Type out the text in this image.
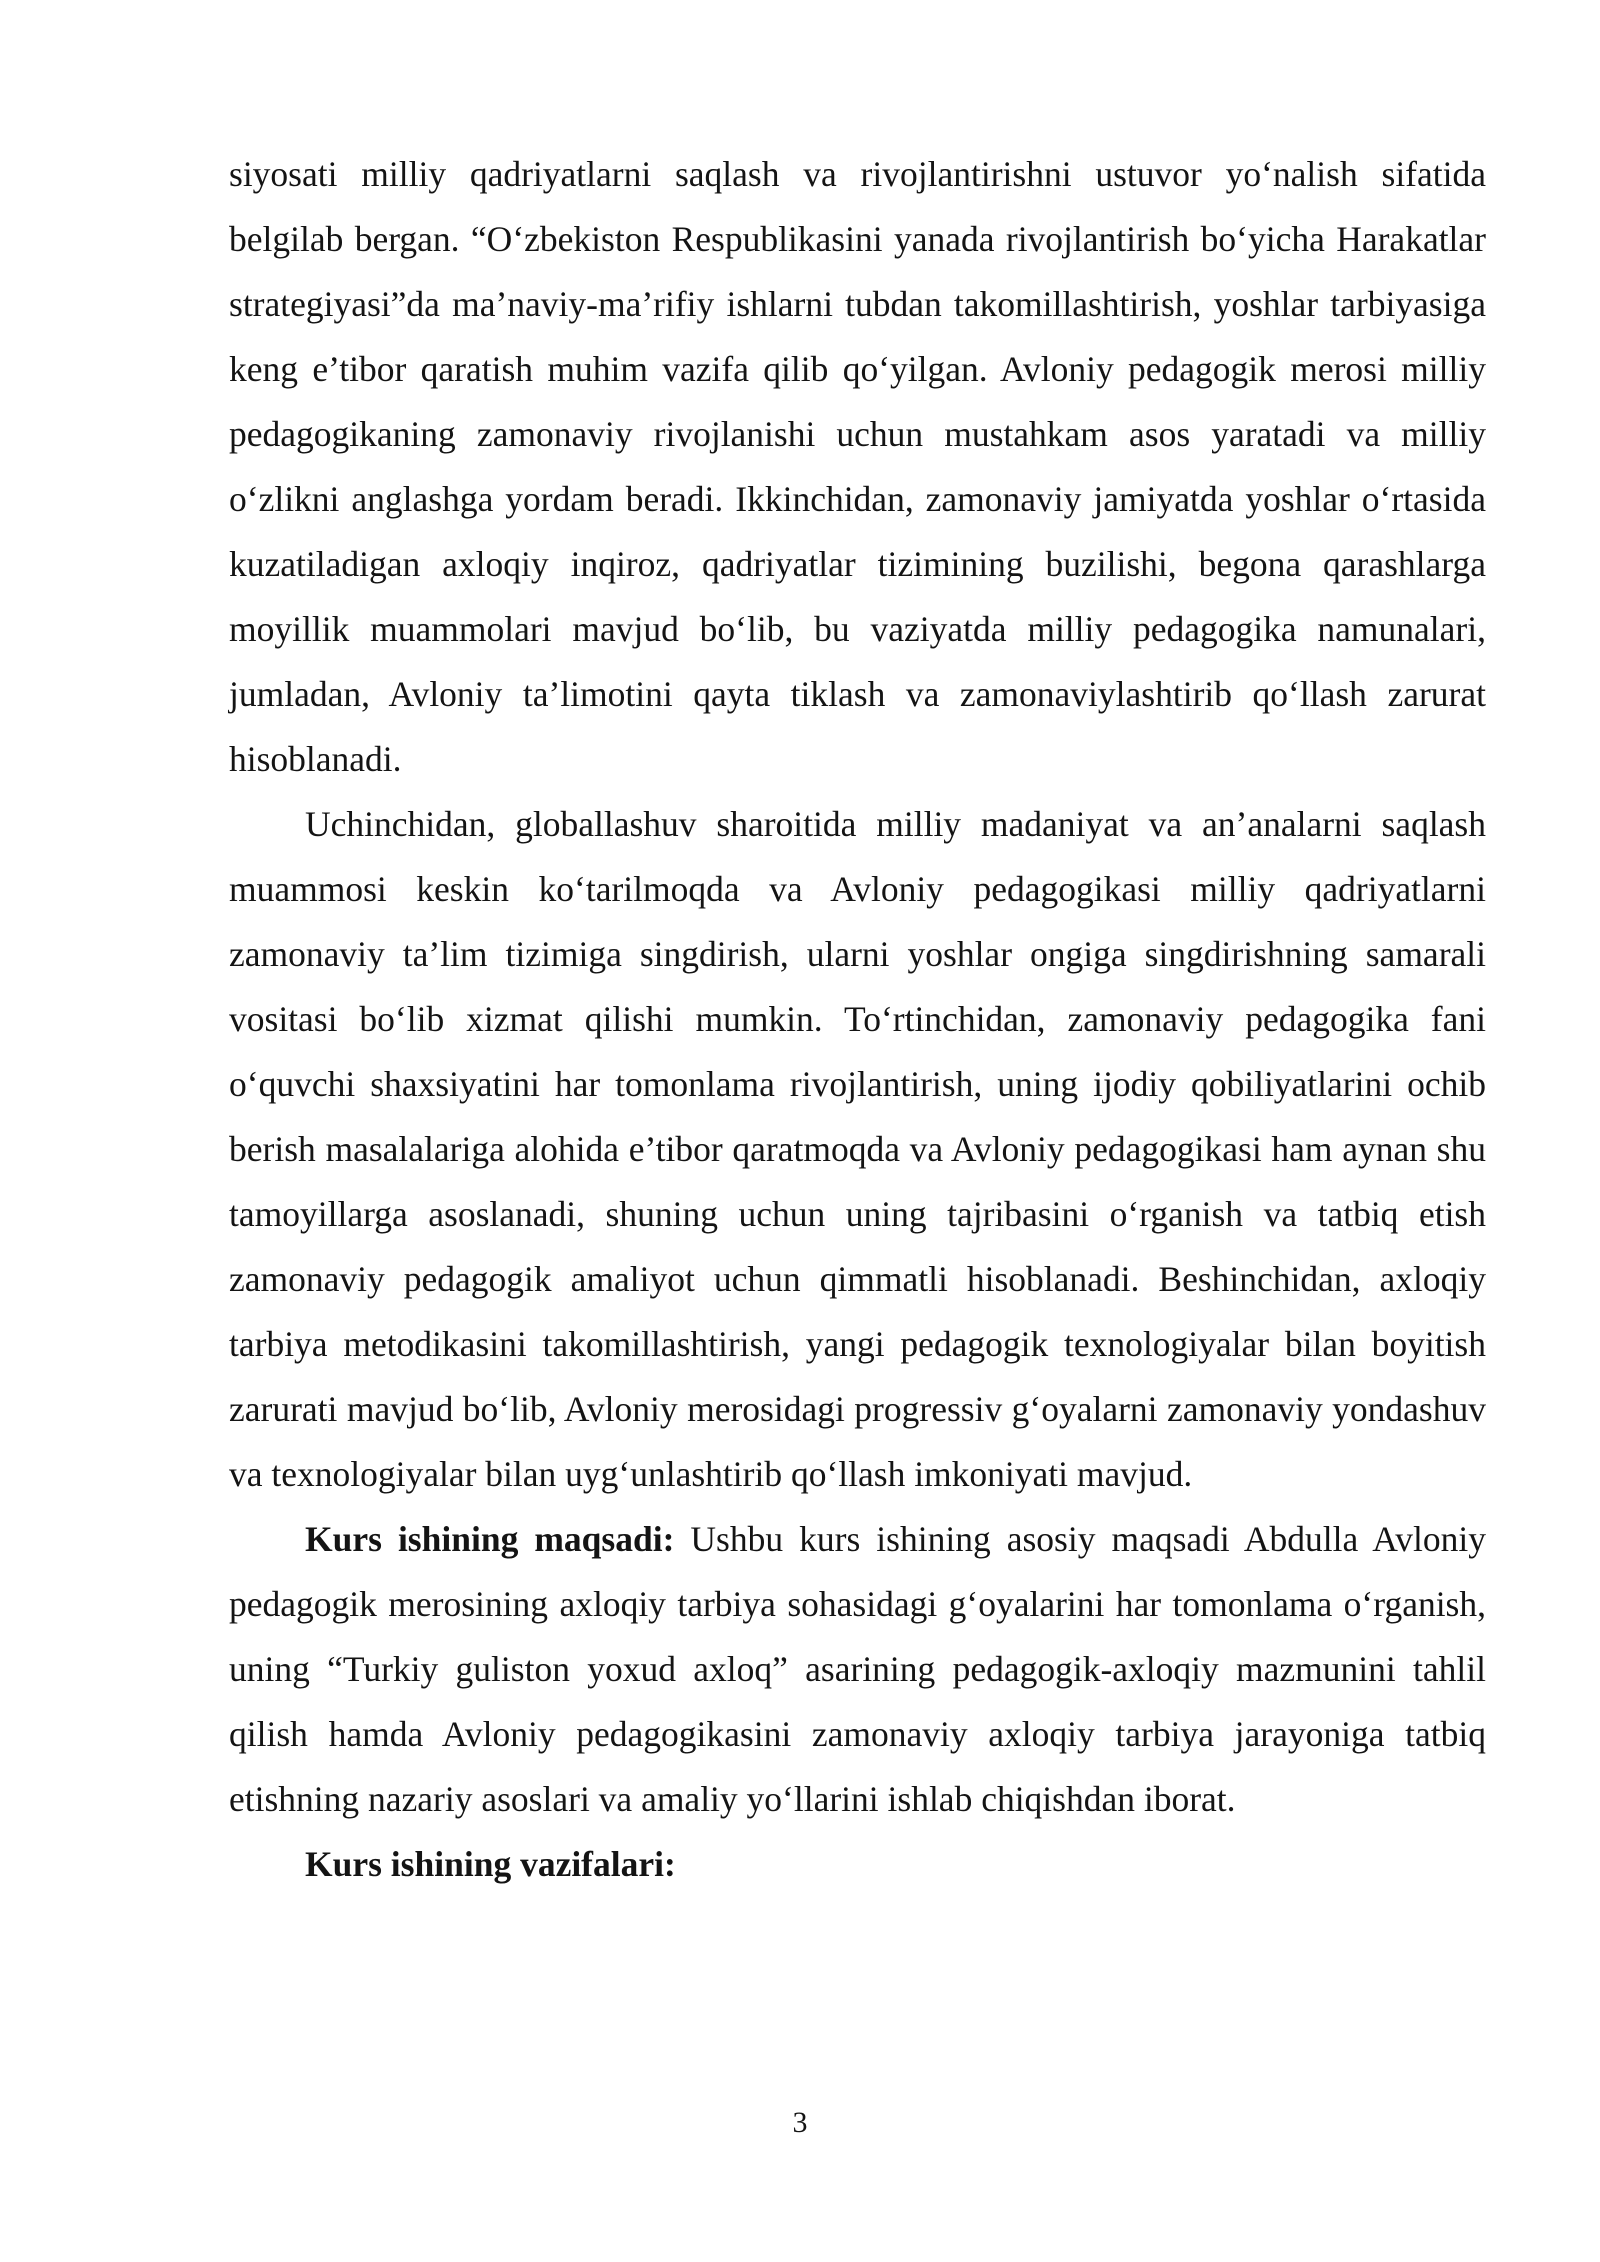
siyosati milliy qadriyatlarni saqlash va rivojlantirishni ustuvor yo‘nalish sifatida belgilab bergan. “O‘zbekiston Respublikasini yanada rivojlantirish bo‘yicha Harakatlar strategiyasi”da ma’naviy-ma’rifiy ishlarni tubdan takomillashtirish, yoshlar tarbiyasiga keng e’tibor qaratish muhim vazifa qilib qo‘yilgan. Avloniy pedagogik merosi milliy pedagogikaning zamonaviy rivojlanishi uchun mustahkam asos yaratadi va milliy o‘zlikni anglashga yordam beradi. Ikkinchidan, zamonaviy jamiyatda yoshlar o‘rtasida kuzatiladigan axloqiy inqiroz, qadriyatlar tizimining buzilishi, begona qarashlarga moyillik muammolari mavjud bo‘lib, bu vaziyatda milliy pedagogika namunalari, jumladan, Avloniy ta’limotini qayta tiklash va zamonaviylashtirib qo‘llash zarurat hisoblanadi.

Uchinchidan, globallashuv sharoitida milliy madaniyat va an’analarni saqlash muammosi keskin ko‘tarilmoqda va Avloniy pedagogikasi milliy qadriyatlarni zamonaviy ta’lim tizimiga singdirish, ularni yoshlar ongiga singdirishning samarali vositasi bo‘lib xizmat qilishi mumkin. To‘rtinchidan, zamonaviy pedagogika fani o‘quvchi shaxsiyatini har tomonlama rivojlantirish, uning ijodiy qobiliyatlarini ochib berish masalalariga alohida e’tibor qaratmoqda va Avloniy pedagogikasi ham aynan shu tamoyillarga asoslanadi, shuning uchun uning tajribasini o‘rganish va tatbiq etish zamonaviy pedagogik amaliyot uchun qimmatli hisoblanadi. Beshinchidan, axloqiy tarbiya metodikasini takomillashtirish, yangi pedagogik texnologiyalar bilan boyitish zarurati mavjud bo‘lib, Avloniy merosidagi progressiv g‘oyalarni zamonaviy yondashuv va texnologiyalar bilan uyg‘unlashtirib qo‘llash imkoniyati mavjud.

Kurs ishining maqsadi: Ushbu kurs ishining asosiy maqsadi Abdulla Avloniy pedagogik merosining axloqiy tarbiya sohasidagi g‘oyalarini har tomonlama o‘rganish, uning “Turkiy guliston yoxud axloq” asarining pedagogik-axloqiy mazmunini tahlil qilish hamda Avloniy pedagogikasini zamonaviy axloqiy tarbiya jarayoniga tatbiq etishning nazariy asoslari va amaliy yo‘llarini ishlab chiqishdan iborat.

Kurs ishining vazifalari:

3
